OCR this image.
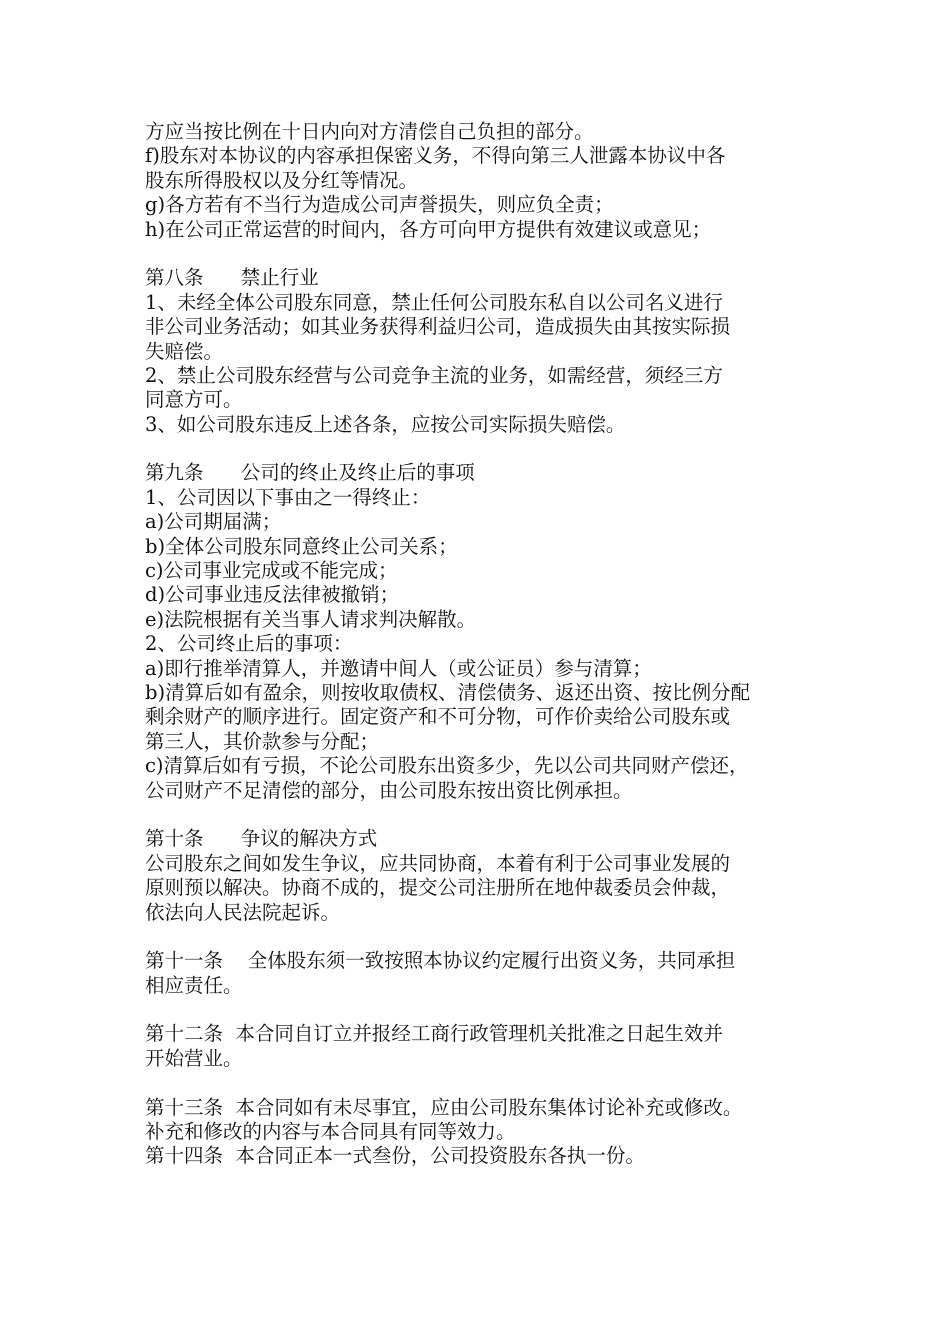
方应当按比例在十日内向对方清偿自己负担的部分。
f)股东对本协议的内容承担保密义务，不得向第三人泄露本协议中各
股东所得股权以及分红等情况。
g)各方若有不当行为造成公司声誉损失，则应负全责；
h)在公司正常运营的时间内，各方可向甲方提供有效建议或意见；
第八条      禁止行业
1、未经全体公司股东同意，禁止任何公司股东私自以公司名义进行
非公司业务活动；如其业务获得利益归公司，造成损失由其按实际损
失赔偿。
2、禁止公司股东经营与公司竞争主流的业务，如需经营，须经三方
同意方可。
3、如公司股东违反上述各条，应按公司实际损失赔偿。
第九条      公司的终止及终止后的事项
1、公司因以下事由之一得终止：
a)公司期届满；
b)全体公司股东同意终止公司关系；
c)公司事业完成或不能完成；
d)公司事业违反法律被撤销；
e)法院根据有关当事人请求判决解散。
2、公司终止后的事项：
a)即行推举清算人，并邀请中间人（或公证员）参与清算；
b)清算后如有盈余，则按收取债权、清偿债务、返还出资、按比例分配
剩余财产的顺序进行。固定资产和不可分物，可作价卖给公司股东或
第三人，其价款参与分配；
c)清算后如有亏损，不论公司股东出资多少，先以公司共同财产偿还，
公司财产不足清偿的部分，由公司股东按出资比例承担。
第十条      争议的解决方式
公司股东之间如发生争议，应共同协商，本着有利于公司事业发展的
原则预以解决。协商不成的，提交公司注册所在地仲裁委员会仲裁，
依法向人民法院起诉。
第十一条    全体股东须一致按照本协议约定履行出资义务，共同承担
相应责任。
第十二条  本合同自订立并报经工商行政管理机关批准之日起生效并
开始营业。
第十三条  本合同如有未尽事宜，应由公司股东集体讨论补充或修改。
补充和修改的内容与本合同具有同等效力。
第十四条  本合同正本一式叁份，公司投资股东各执一份。
